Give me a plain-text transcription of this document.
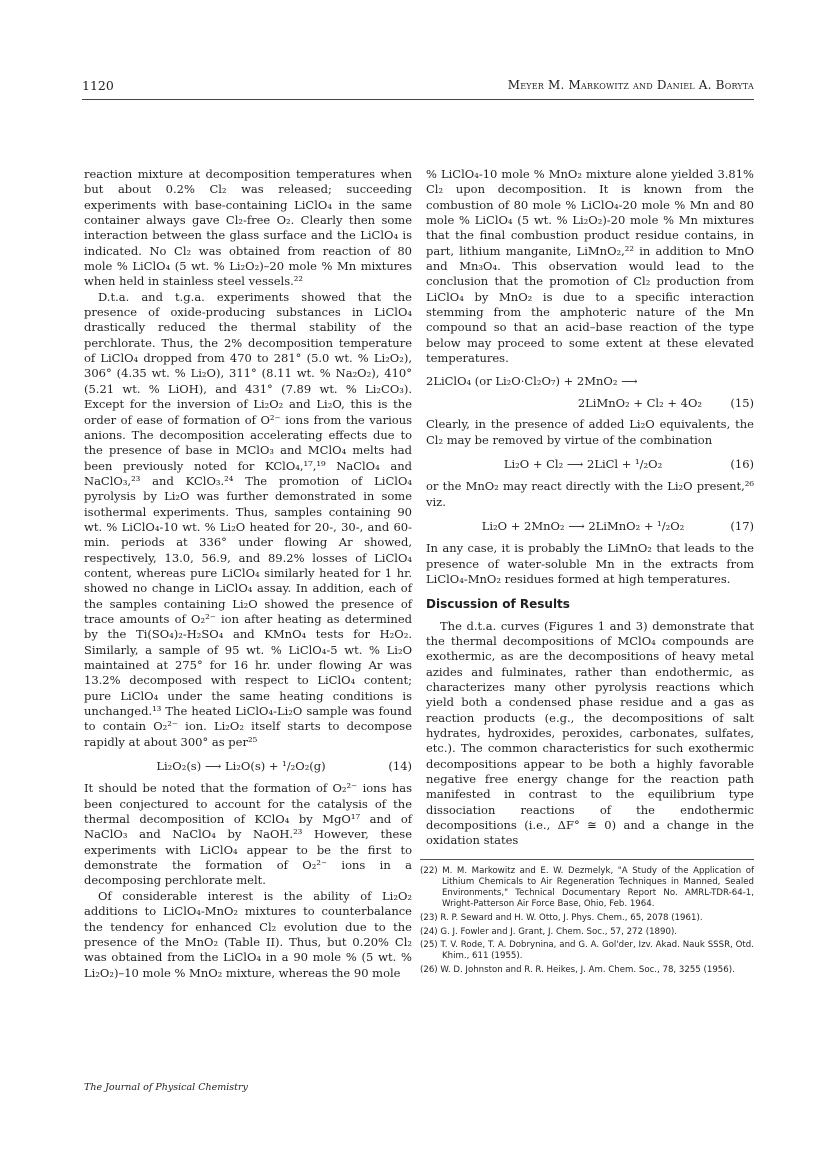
1120	Meyer M. Markowitz and Daniel A. Boryta

reaction mixture at decomposition temperatures when but about 0.2% Cl₂ was released; succeeding experiments with base-containing LiClO₄ in the same container always gave Cl₂-free O₂. Clearly then some interaction between the glass surface and the LiClO₄ is indicated. No Cl₂ was obtained from reaction of 80 mole % LiClO₄ (5 wt. % Li₂O₂)–20 mole % Mn mixtures when held in stainless steel vessels.²²

D.t.a. and t.g.a. experiments showed that the presence of oxide-producing substances in LiClO₄ drastically reduced the thermal stability of the perchlorate. Thus, the 2% decomposition temperature of LiClO₄ dropped from 470 to 281° (5.0 wt. % Li₂O₂), 306° (4.35 wt. % Li₂O), 311° (8.11 wt. % Na₂O₂), 410° (5.21 wt. % LiOH), and 431° (7.89 wt. % Li₂CO₃). Except for the inversion of Li₂O₂ and Li₂O, this is the order of ease of formation of O²⁻ ions from the various anions. The decomposition accelerating effects due to the presence of base in MClO₃ and MClO₄ melts had been previously noted for KClO₄,¹⁷,¹⁹ NaClO₄ and NaClO₃,²³ and KClO₃.²⁴ The promotion of LiClO₄ pyrolysis by Li₂O was further demonstrated in some isothermal experiments. Thus, samples containing 90 wt. % LiClO₄-10 wt. % Li₂O heated for 20-, 30-, and 60-min. periods at 336° under flowing Ar showed, respectively, 13.0, 56.9, and 89.2% losses of LiClO₄ content, whereas pure LiClO₄ similarly heated for 1 hr. showed no change in LiClO₄ assay. In addition, each of the samples containing Li₂O showed the presence of trace amounts of O₂²⁻ ion after heating as determined by the Ti(SO₄)₂-H₂SO₄ and KMnO₄ tests for H₂O₂. Similarly, a sample of 95 wt. % LiClO₄-5 wt. % Li₂O maintained at 275° for 16 hr. under flowing Ar was 13.2% decomposed with respect to LiClO₄ content; pure LiClO₄ under the same heating conditions is unchanged.¹³ The heated LiClO₄-Li₂O sample was found to contain O₂²⁻ ion. Li₂O₂ itself starts to decompose rapidly at about 300° as per²⁵

Li₂O₂(s) ⟶ Li₂O(s) + ¹/₂O₂(g)	(14)

It should be noted that the formation of O₂²⁻ ions has been conjectured to account for the catalysis of the thermal decomposition of KClO₄ by MgO¹⁷ and of NaClO₃ and NaClO₄ by NaOH.²³ However, these experiments with LiClO₄ appear to be the first to demonstrate the formation of O₂²⁻ ions in a decomposing perchlorate melt.

Of considerable interest is the ability of Li₂O₂ additions to LiClO₄-MnO₂ mixtures to counterbalance the tendency for enhanced Cl₂ evolution due to the presence of the MnO₂ (Table II). Thus, but 0.20% Cl₂ was obtained from the LiClO₄ in a 90 mole % (5 wt. % Li₂O₂)–10 mole % MnO₂ mixture, whereas the 90 mole

% LiClO₄-10 mole % MnO₂ mixture alone yielded 3.81% Cl₂ upon decomposition. It is known from the combustion of 80 mole % LiClO₄-20 mole % Mn and 80 mole % LiClO₄ (5 wt. % Li₂O₂)-20 mole % Mn mixtures that the final combustion product residue contains, in part, lithium manganite, LiMnO₂,²² in addition to MnO and Mn₃O₄. This observation would lead to the conclusion that the promotion of Cl₂ production from LiClO₄ by MnO₂ is due to a specific interaction stemming from the amphoteric nature of the Mn compound so that an acid–base reaction of the type below may proceed to some extent at these elevated temperatures.

2LiClO₄ (or Li₂O·Cl₂O₇) + 2MnO₂ ⟶
2LiMnO₂ + Cl₂ + 4O₂	(15)

Clearly, in the presence of added Li₂O equivalents, the Cl₂ may be removed by virtue of the combination

Li₂O + Cl₂ ⟶ 2LiCl + ¹/₂O₂	(16)

or the MnO₂ may react directly with the Li₂O present,²⁶ viz.

Li₂O + 2MnO₂ ⟶ 2LiMnO₂ + ¹/₂O₂	(17)

In any case, it is probably the LiMnO₂ that leads to the presence of water-soluble Mn in the extracts from LiClO₄-MnO₂ residues formed at high temperatures.

Discussion of Results

The d.t.a. curves (Figures 1 and 3) demonstrate that the thermal decompositions of MClO₄ compounds are exothermic, as are the decompositions of heavy metal azides and fulminates, rather than endothermic, as characterizes many other pyrolysis reactions which yield both a condensed phase residue and a gas as reaction products (e.g., the decompositions of salt hydrates, hydroxides, peroxides, carbonates, sulfates, etc.). The common characteristics for such exothermic decompositions appear to be both a highly favorable negative free energy change for the reaction path manifested in contrast to the equilibrium type dissociation reactions of the endothermic decompositions (i.e., ΔF° ≅ 0) and a change in the oxidation states

(22) M. M. Markowitz and E. W. Dezmelyk, "A Study of the Application of Lithium Chemicals to Air Regeneration Techniques in Manned, Sealed Environments," Technical Documentary Report No. AMRL-TDR-64-1, Wright-Patterson Air Force Base, Ohio, Feb. 1964.

(23) R. P. Seward and H. W. Otto, J. Phys. Chem., 65, 2078 (1961).

(24) G. J. Fowler and J. Grant, J. Chem. Soc., 57, 272 (1890).

(25) T. V. Rode, T. A. Dobrynina, and G. A. Gol'der, Izv. Akad. Nauk SSSR, Otd. Khim., 611 (1955).

(26) W. D. Johnston and R. R. Heikes, J. Am. Chem. Soc., 78, 3255 (1956).

The Journal of Physical Chemistry
